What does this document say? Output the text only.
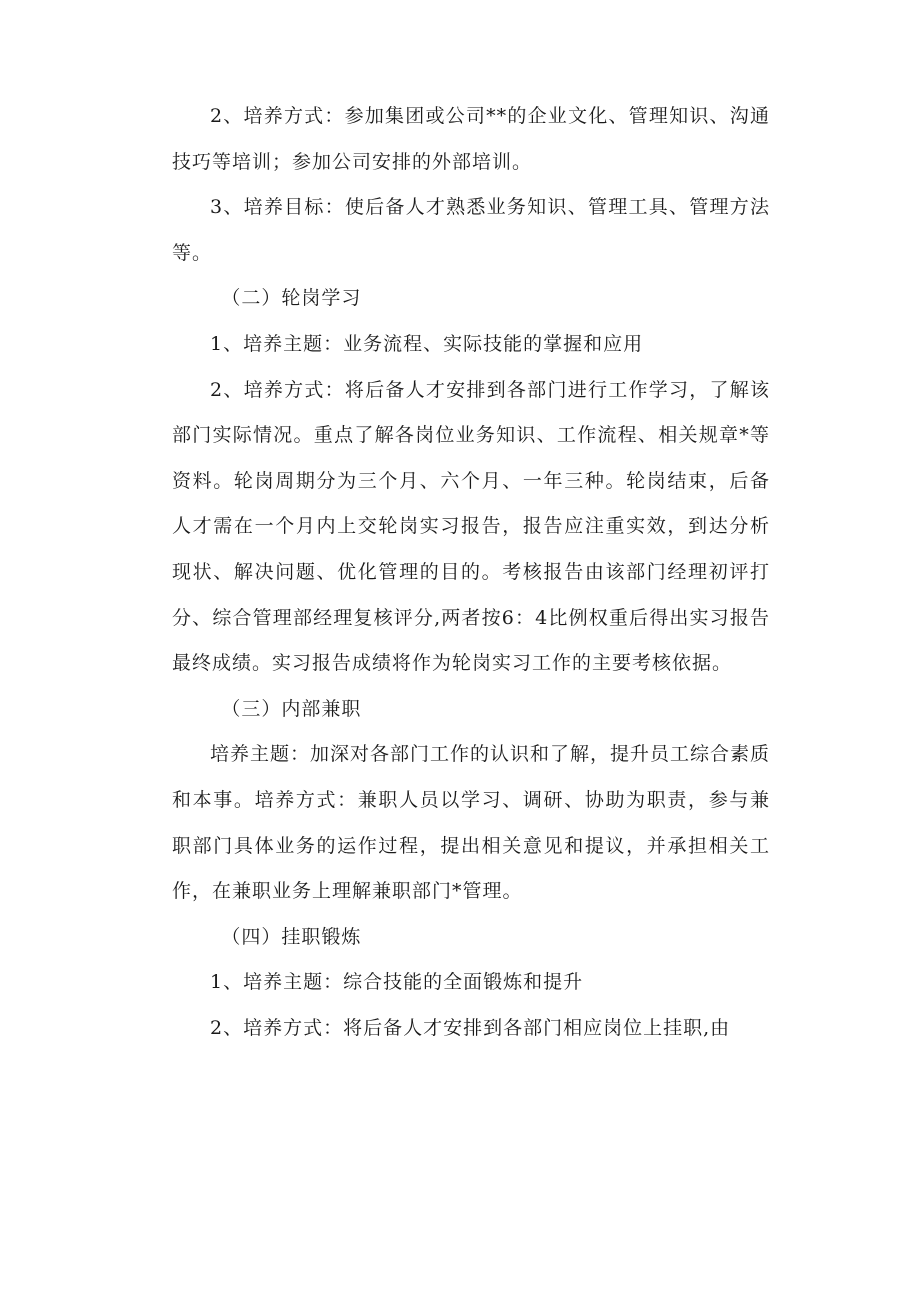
2、培养方式：参加集团或公司**的企业文化、管理知识、沟通技巧等培训；参加公司安排的外部培训。

3、培养目标：使后备人才熟悉业务知识、管理工具、管理方法等。

（二）轮岗学习

1、培养主题：业务流程、实际技能的掌握和应用

2、培养方式：将后备人才安排到各部门进行工作学习，了解该部门实际情况。重点了解各岗位业务知识、工作流程、相关规章*等资料。轮岗周期分为三个月、六个月、一年三种。轮岗结束，后备人才需在一个月内上交轮岗实习报告，报告应注重实效，到达分析现状、解决问题、优化管理的目的。考核报告由该部门经理初评打分、综合管理部经理复核评分,两者按6：4比例权重后得出实习报告最终成绩。实习报告成绩将作为轮岗实习工作的主要考核依据。

（三）内部兼职

培养主题：加深对各部门工作的认识和了解，提升员工综合素质和本事。培养方式：兼职人员以学习、调研、协助为职责，参与兼职部门具体业务的运作过程，提出相关意见和提议，并承担相关工作，在兼职业务上理解兼职部门*管理。

（四）挂职锻炼

1、培养主题：综合技能的全面锻炼和提升

2、培养方式：将后备人才安排到各部门相应岗位上挂职,由
